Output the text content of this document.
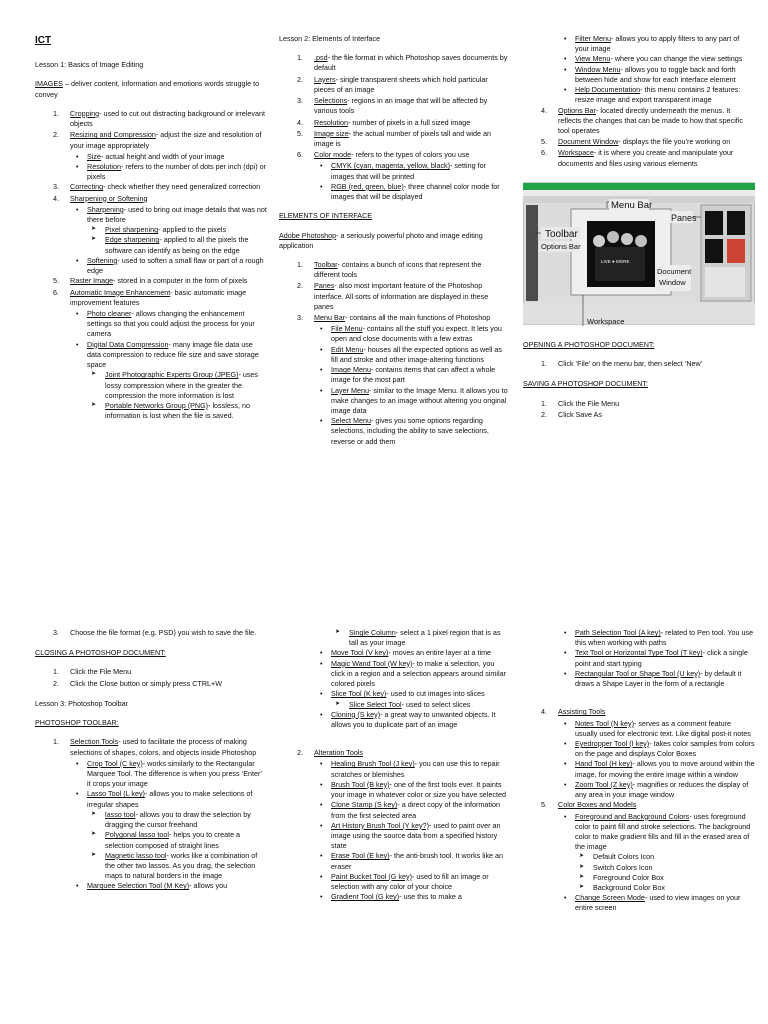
ICT

Lesson 1: Basics of Image Editing

IMAGES – deliver content, information and emotions words struggle to convey

1. Cropping- used to cut out distracting background or irrelevant objects
2. Resizing and Compression- adjust the size and resolution of your image appropriately
• Size- actual height and width of your image
• Resolution- refers to the number of dots per inch (dpi) or pixels
3. Correcting- check whether they need generalized correction
4. Sharpening or Softening
• Sharpening- used to bring out image details that was not there before
➤ Pixel sharpening- applied to the pixels
➤ Edge sharpening- applied to all the pixels the software can identify as being on the edge
• Softening- used to soften a small flaw or part of a rough edge
5. Raster Image- stored in a computer in the form of pixels
6. Automatic Image Enhancement- basic automatic image improvement features
• Photo cleaner- allows changing the enhancement settings so that you could adjust the process for your camera
• Digital Data Compression- many image file data use data compression to reduce file size and save storage space
➤ Joint Photographic Experts Group (JPEG)- uses lossy compression where in the greater the compression the more information is lost
➤ Portable Networks Group (PNG)- lossless, no information is lost when the file is saved.

Lesson 2: Elements of Interface

1. .psd- the file format in which Photoshop saves documents by default
2. Layers- single transparent sheets which hold particular pieces of an image
3. Selections- regions in an image that will be affected by various tools
4. Resolution- number of pixels in a full sized image
5. Image size- the actual number of pixels tall and wide an image is
6. Color mode- refers to the types of colors you use
• CMYK (cyan, magenta, yellow, black)- setting for images that will be printed
• RGB (red, green, blue)- three channel color mode for images that will be displayed
ELEMENTS OF INTERFACE

Adobe Photoshop- a seriously powerful photo and image editing application

1. Toolbar- contains a bunch of icons that represent the different tools
2. Panes- also most important feature of the Photoshop interface. All sorts of information are displayed in these panes
3. Menu Bar- contains all the main functions of Photoshop
• File Menu- contains all the stuff you expect. It lets you open and close documents with a few extras
• Edit Menu- houses all the expected options as well as fill and stroke and other image-altering functions
• Image Menu- contains items that can affect a whole image for the most part
• Layer Menu- similar to the Image Menu. It allows you to make changes to an image without altering you original image data
• Select Menu- gives you some options regarding selections, including the ability to save selections, reverse or add them
• Filter Menu- allows you to apply filters to any part of your image
• View Menu- where you can change the view settings
• Window Menu- allows you to toggle back and forth between hide and show for each interface element
• Help Documentation- this menu contains 2 features: resize image and export transparent image
4. Options Bar- located directly underneath the menus. It reflects the changes that can be made to how that specific tool operates
5. Document Window- displays the file you’re working on
6. Workspace- it is where you create and manipulate your documents and files using various elements
LIVE ● MORE
Toolbar
Options Bar
Menu Bar
Panes
Document
Window
Workspace
OPENING A PHOTOSHOP DOCUMENT:
1. Click ‘File’ on the menu bar, then select ‘New’
SAVING A PHOTOSHOP DOCUMENT:
1. Click the File Menu
2. Click Save As
3. Choose the file format (e.g. PSD) you wish to save the file.
CLOSING A PHOTOSHOP DOCUMENT:
1. Click the File Menu
2. Click the Close button or simply press CTRL+W

Lesson 3: Photoshop Toolbar

PHOTOSHOP TOOLBAR:
1. Selection Tools- used to facilitate the process of making selections of shapes, colors, and objects inside Photoshop
• Crop Tool (C key)- works similarly to the Rectangular Marquee Tool. The difference is when you press ‘Enter’ it crops your image
• Lasso Tool (L key)- allows you to make selections of irregular shapes
➤ lasso tool- allows you to draw the selection by dragging the cursor freehand
➤ Polygonal lasso tool- helps you to create a selection composed of straight lines
➤ Magnetic lasso tool- works like a combination of the other two lassos. As you drag, the selection maps to natural borders in the image
• Marquee Selection Tool (M Key)- allows you
➤ Single Column- select a 1 pixel region that is as tall as your image
• Move Tool (V key)- moves an entire layer at a time
• Magic Wand Tool (W key)- to make a selection, you click in a region and a selection appears around similar colored pixels
• Slice Tool (K key)- used to cut images into slices
➤ Slice Select Tool- used to select slices
• Cloning (S key)- a great way to unwanted objects. It allows you to duplicate part of an image
2. Alteration Tools
• Healing Brush Tool (J key)- you can use this to repair scratches or blemishes
• Brush Tool (B key)- one of the first tools ever. It paints your image in whatever color or size you have selected
• Clone Stamp (S key)- a direct copy of the information from the first selected area
• Art History Brush Tool (Y key?)- used to paint over an image using the source data from a specified history state
• Erase Tool (E key)- the anti-brush tool. It works like an eraser
• Paint Bucket Tool (G key)- used to fill an image or selection with any color of your choice
• Gradient Tool (G key)- use this to make a
• Path Selection Tool (A key)- related to Pen tool. You use this when working with paths
• Text Tool or Horizontal Type Tool (T key)- click a single point and start typing
• Rectangular Tool or Shape Tool (U key)- by default it draws a Shape Layer in the form of a rectangle
4. Assisting Tools
• Notes Tool (N key)- serves as a comment feature usually used for electronic text. Like digital post-it notes
• Eyedropper Tool (I key)- takes color samples from colors on the page and displays Color Boxes
• Hand Tool (H key)- allows you to move around within the image, for moving the entire image within a window
• Zoom Tool (Z key)- magnifies or reduces the display of any area in your image window
5. Color Boxes and Models
• Foreground and Background Colors- uses foreground color to paint fill and stroke selections. The background color to make gradient fills and fill in the erased area of the image
➤ Default Colors Icon
➤ Switch Colors Icon
➤ Foreground Color Box
➤ Background Color Box
• Change Screen Mode- used to view images on your entire screen
